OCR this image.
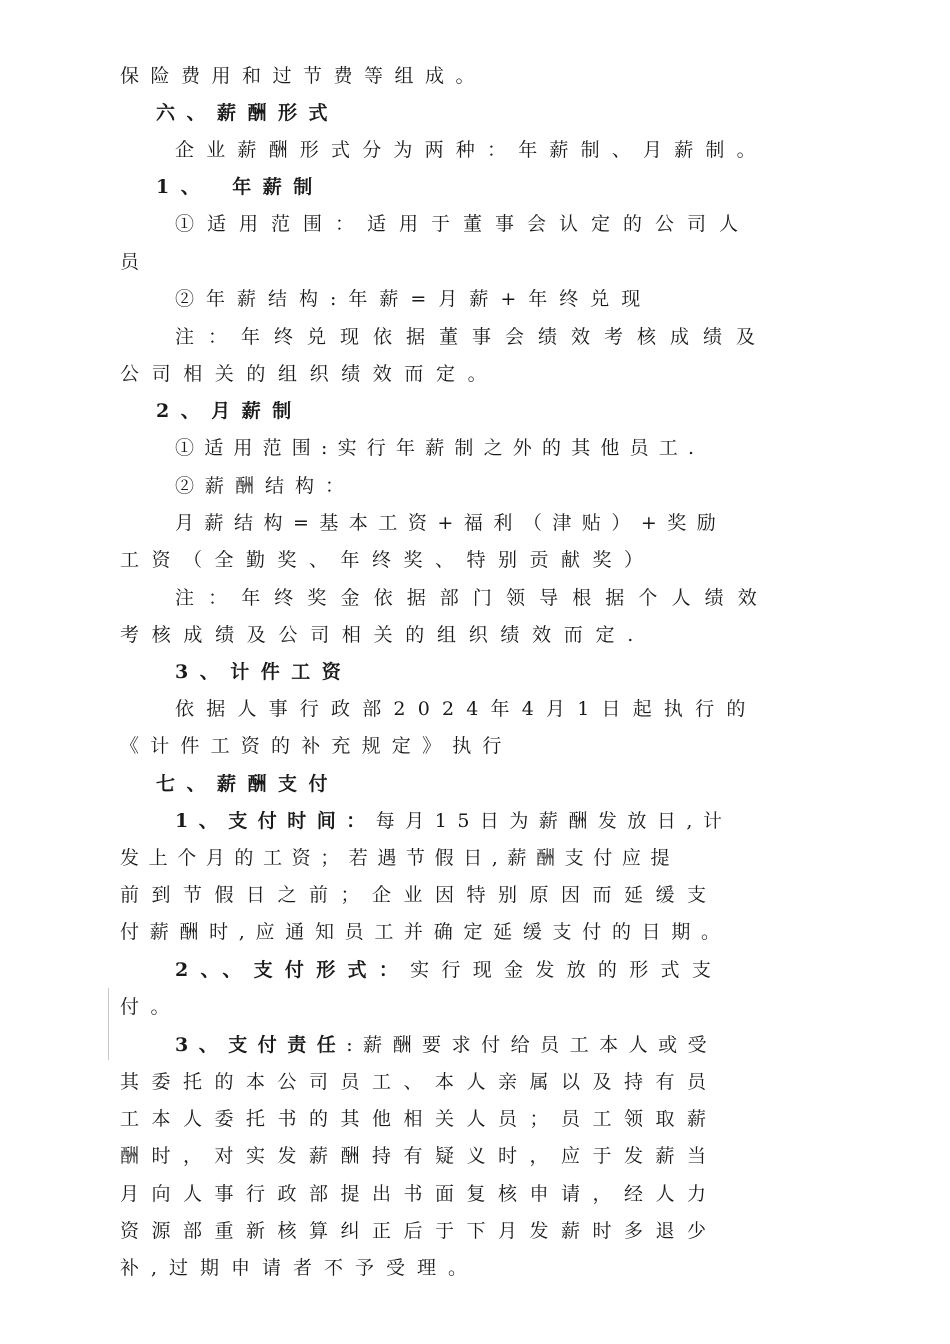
保险费用和过节费等组成。
六、薪酬形式
企业薪酬形式分为两种：年薪制、月薪制。
1、　年薪制
①适用范围：适用于董事会认定的公司人
员
②年薪结构:年薪=月薪+年终兑现
注：年终兑现依据董事会绩效考核成绩及
公司相关的组织绩效而定。
2、月薪制
①适用范围:实行年薪制之外的其他员工.
②薪酬结构：
月薪结构=基本工资+福利（津贴）+奖励
工资（全勤奖、年终奖、特别贡献奖）
注：年终奖金依据部门领导根据个人绩效
考核成绩及公司相关的组织绩效而定.
3、计件工资
依据人事行政部2024年4月1日起执行的
《计件工资的补充规定》执行
七、薪酬支付
1、支付时间：每月15日为薪酬发放日,计
发上个月的工资；若遇节假日,薪酬支付应提
前到节假日之前；企业因特别原因而延缓支
付薪酬时,应通知员工并确定延缓支付的日期。
2、、支付形式：实行现金发放的形式支
付。
3、支付责任:薪酬要求付给员工本人或受
其委托的本公司员工、本人亲属以及持有员
工本人委托书的其他相关人员；员工领取薪
酬时，对实发薪酬持有疑义时，应于发薪当
月向人事行政部提出书面复核申请，经人力
资源部重新核算纠正后于下月发薪时多退少
补,过期申请者不予受理。
